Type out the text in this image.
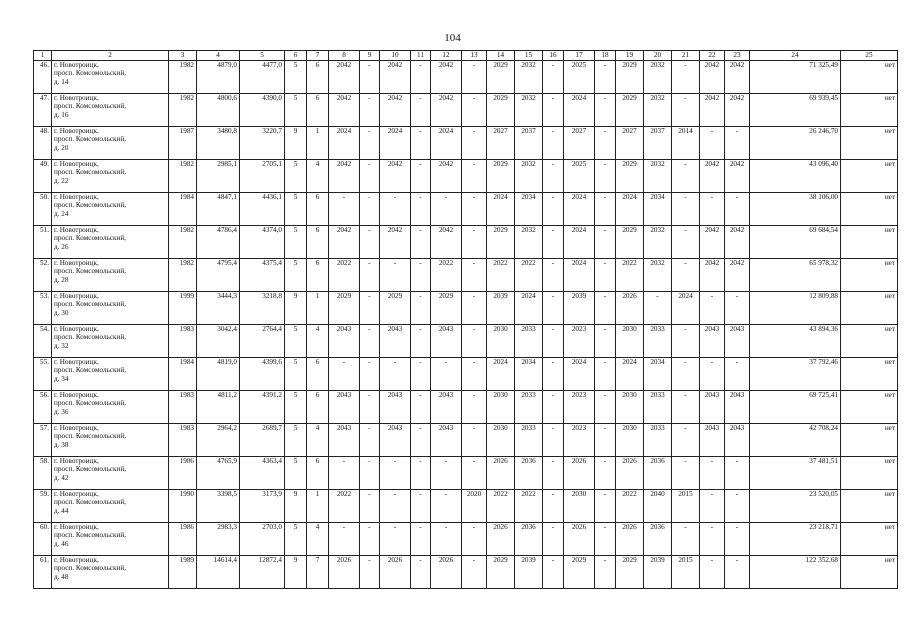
104
1	2	3	4	5	6	7	8	9	10	11	12	13	14	15	16	17	18	19	20	21	22	23	24	25
46.	г. Новотроицк,
просп. Комсомольский,
д. 14	1982	4879,0	4477,0	5	6	2042	-	2042	-	2042	-	2029	2032	-	2025	-	2029	2032	-	2042	2042	71 325,49	нет
47.	г. Новотроицк,
просп. Комсомольский,
д. 16	1982	4800,6	4390,0	5	6	2042	-	2042	-	2042	-	2029	2032	-	2024	-	2029	2032	-	2042	2042	69 939,45	нет
48.	г. Новотроицк,
просп. Комсомольский,
д. 20	1987	3480,8	3220,7	9	1	2024	-	2024	-	2024	-	2027	2037	-	2027	-	2027	2037	2014	-	-	26 246,70	нет
49.	г. Новотроицк,
просп. Комсомольский,
д. 22	1982	2985,1	2705,1	5	4	2042	-	2042	-	2042	-	2029	2032	-	2025	-	2029	2032	-	2042	2042	43 096,40	нет
50.	г. Новотроицк,
просп. Комсомольский,
д. 24	1984	4847,1	4436,1	5	6	-	-	-	-	-	-	2024	2034	-	2024	-	2024	2034	-	-	-	38 106,00	нет
51.	г. Новотроицк,
просп. Комсомольский,
д. 26	1982	4786,4	4374,0	5	6	2042	-	2042	-	2042	-	2029	2032	-	2024	-	2029	2032	-	2042	2042	69 684,54	нет
52.	г. Новотроицк,
просп. Комсомольский,
д. 28	1982	4795,4	4375,4	5	6	2022	-	-	-	2022	-	2022	2022	-	2024	-	2022	2032	-	2042	2042	65 978,32	нет
53.	г. Новотроицк,
просп. Комсомольский,
д. 30	1999	3444,3	3218,8	9	1	2029	-	2029	-	2029	-	2039	2024	-	2039	-	2026	-	2024	-	-	12 809,88	нет
54.	г. Новотроицк,
просп. Комсомольский,
д. 32	1983	3042,4	2764,4	5	4	2043	-	2043	-	2043	-	2030	2033	-	2023	-	2030	2033	-	2043	2043	43 894,36	нет
55.	г. Новотроицк,
просп. Комсомольский,
д. 34	1984	4819,0	4399,6	5	6	-	-	-	-	-	-	2024	2034	-	2024	-	2024	2034	-	-	-	37 792,46	нет
56.	г. Новотроицк,
просп. Комсомольский,
д. 36	1983	4811,2	4391,2	5	6	2043	-	2043	-	2043	-	2030	2033	-	2023	-	2030	2033	-	2043	2043	69 725,41	нет
57.	г. Новотроицк,
просп. Комсомольский,
д. 38	1983	2964,2	2689,7	5	4	2043	-	2043	-	2043	-	2030	2033	-	2023	-	2030	2033	-	2043	2043	42 708,24	нет
58.	г. Новотроицк,
просп. Комсомольский,
д. 42	1986	4765,9	4363,4	5	6	-	-	-	-	-	-	2026	2036	-	2026	-	2026	2036	-	-	-	37 481,51	нет
59.	г. Новотроицк,
просп. Комсомольский,
д. 44	1990	3398,5	3173,9	9	1	2022	-	-	-	-	2020	2022	2022	-	2030	-	2022	2040	2015	-	-	23 520,05	нет
60.	г. Новотроицк,
просп. Комсомольский,
д. 46	1986	2983,3	2703,0	5	4	-	-	-	-	-	-	2026	2036	-	2026	-	2026	2036	-	-	-	23 218,71	нет
61.	г. Новотроицк,
просп. Комсомольский,
д. 48	1989	14614,4	12872,4	9	7	2026	-	2026	-	2026	-	2029	2039	-	2029	-	2029	2039	2015	-	-	122 352,68	нет
